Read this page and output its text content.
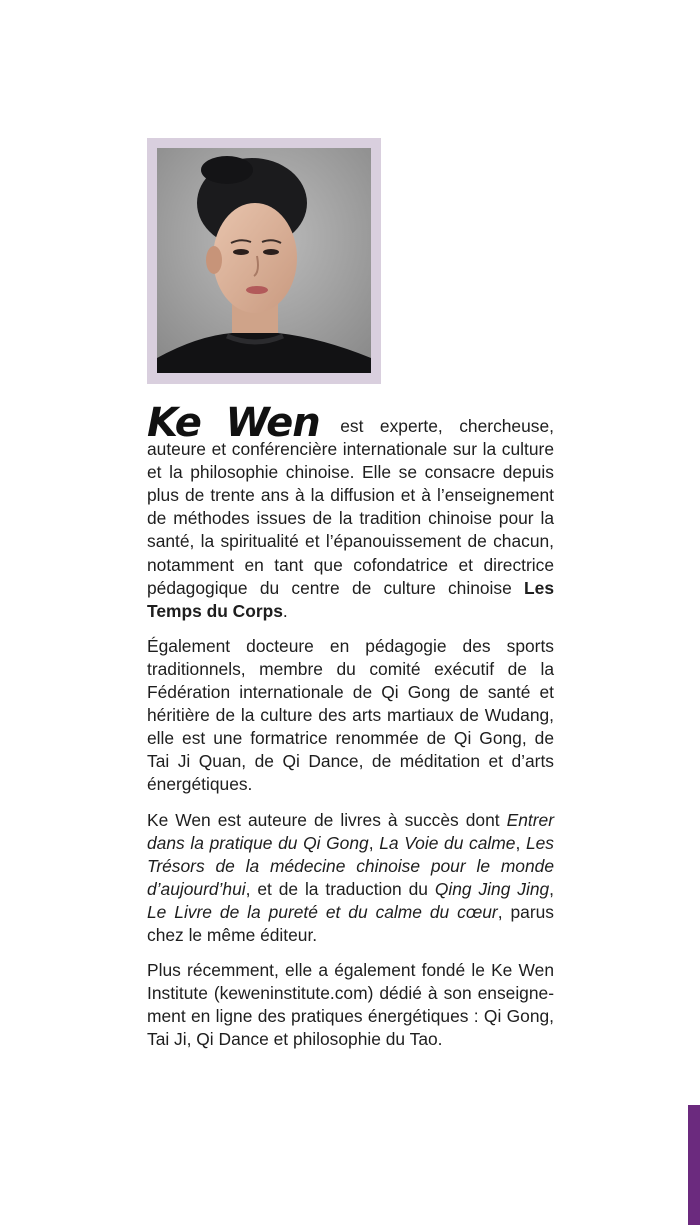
Ke Wen est experte, chercheuse, auteure et conférencière internationale sur la culture et la philosophie chinoise. Elle se consacre depuis plus de trente ans à la diffusion et à l’enseignement de méthodes issues de la tradition chinoise pour la santé, la spiritualité et l’épanouissement de chacun, notamment en tant que cofondatrice et directrice pédagogique du centre de culture chinoise Les Temps du Corps.

Également docteure en pédagogie des sports traditionnels, membre du comité exécutif de la Fédération internationale de Qi Gong de santé et héritière de la culture des arts martiaux de Wudang, elle est une formatrice renommée de Qi Gong, de Tai Ji Quan, de Qi Dance, de méditation et d’arts énergétiques.

Ke Wen est auteure de livres à succès dont Entrer dans la pratique du Qi Gong, La Voie du calme, Les Trésors de la médecine chinoise pour le monde d’aujourd’hui, et de la traduction du Qing Jing Jing, Le Livre de la pureté et du calme du cœur, parus chez le même éditeur.

Plus récemment, elle a également fondé le Ke Wen Institute (keweninstitute.com) dédié à son enseigne-ment en ligne des pratiques énergétiques : Qi Gong, Tai Ji, Qi Dance et philosophie du Tao.
